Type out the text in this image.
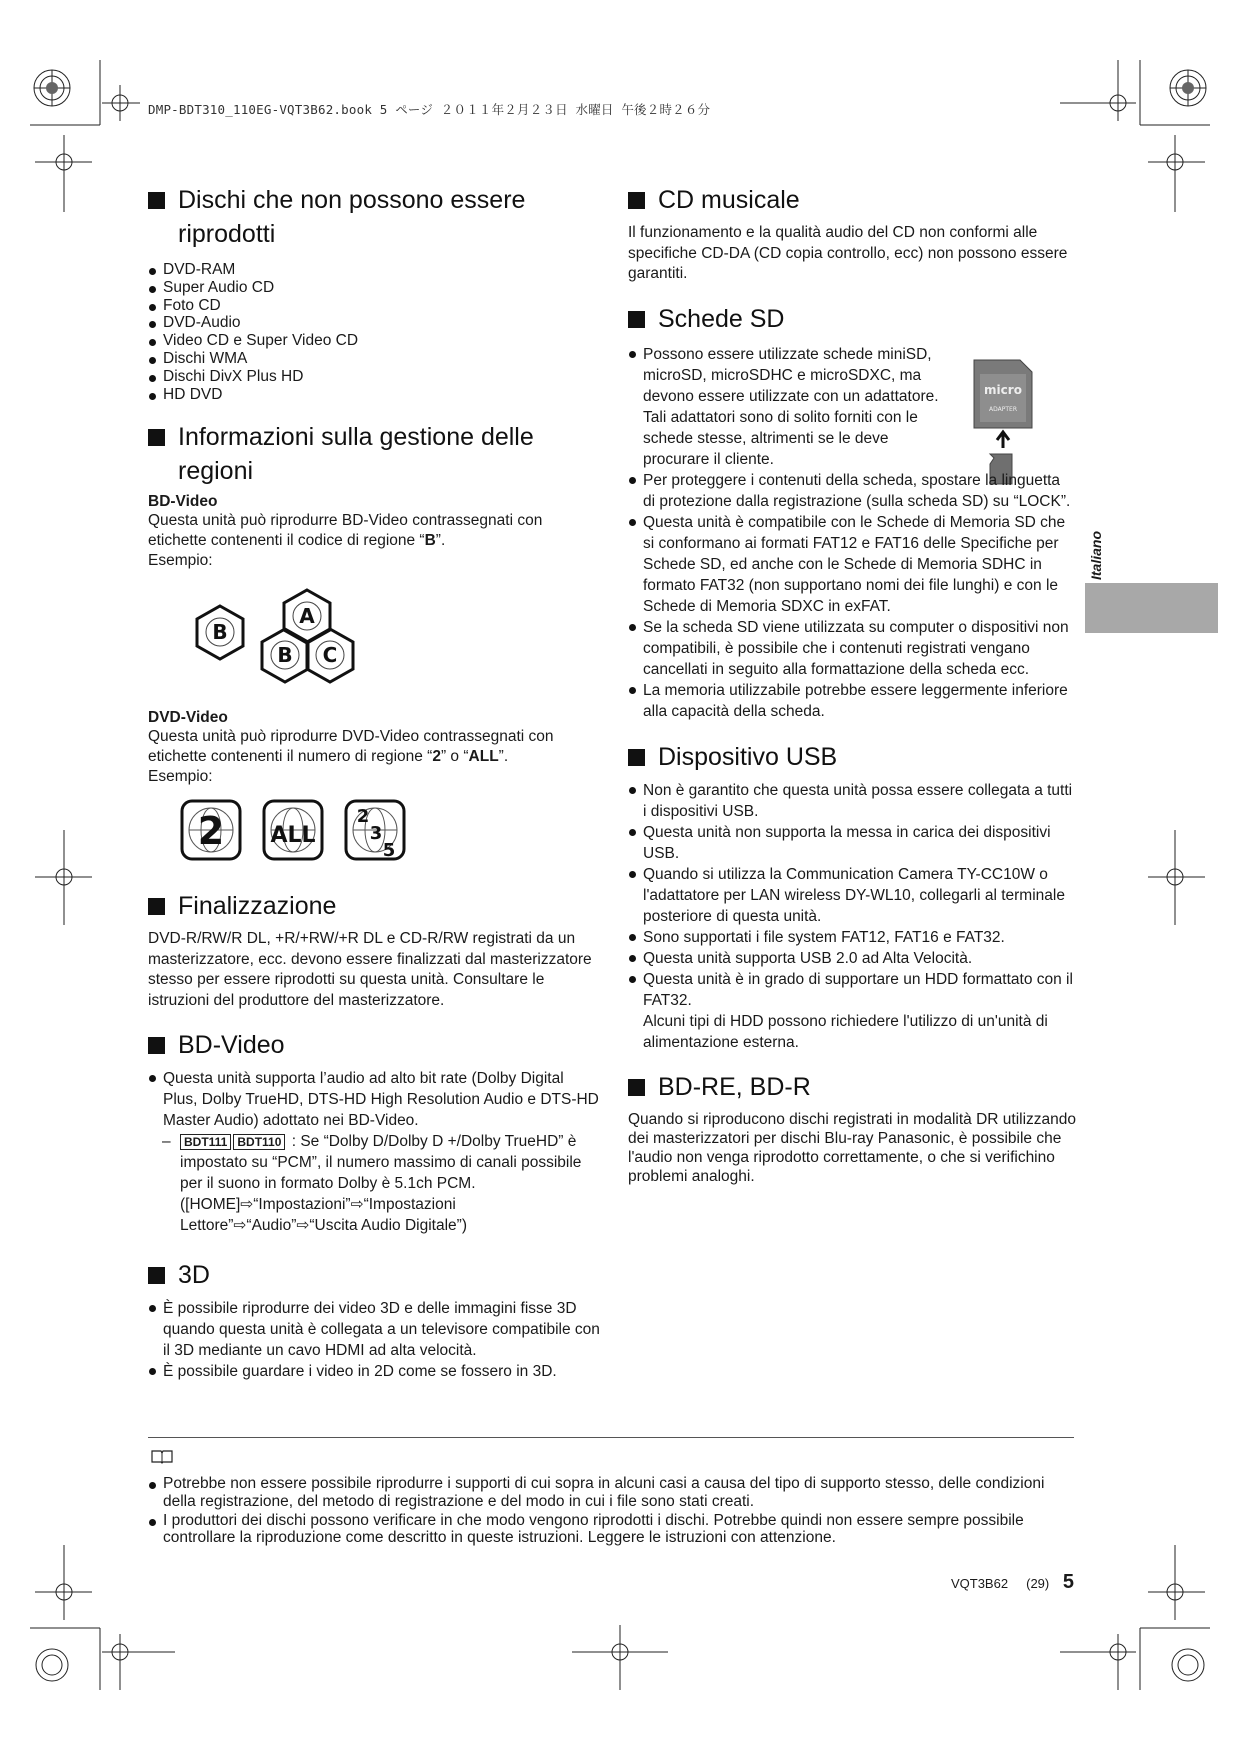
DMP-BDT310_110EG-VQT3B62.book 5 ページ ２０１１年２月２３日 水曜日 午後２時２６分
Italiano
Dischi che non possono essere
riprodotti
DVD-RAM
Super Audio CD
Foto CD
DVD-Audio
Video CD e Super Video CD
Dischi WMA
Dischi DivX Plus HD
HD DVD
Informazioni sulla gestione delle
regioni
BD-Video

Questa unità può riprodurre BD-Video contrassegnati con etichette contenenti il codice di regione “B”.
Esempio:

B
A
B C
DVD-Video

Questa unità può riprodurre DVD-Video contrassegnati con etichette contenenti il numero di regione “2” o “ALL”.
Esempio:

2 ALL
2
3
5
Finalizzazione

DVD-R/RW/R DL, +R/+RW/+R DL e CD-R/RW registrati da un masterizzatore, ecc. devono essere finalizzati dal masterizzatore stesso per essere riprodotti su questa unità. Consultare le istruzioni del produttore del masterizzatore.

BD-Video
Questa unità supporta l’audio ad alto bit rate (Dolby Digital Plus, Dolby TrueHD, DTS-HD High Resolution Audio e DTS-HD Master Audio) adottato nei BD-Video.
– BDT111 BDT110 : Se “Dolby D/Dolby D +/Dolby TrueHD” è impostato su “PCM”, il numero massimo di canali possibile per il suono in formato Dolby è 5.1ch PCM. ([HOME]⇨“Impostazioni”⇨“Impostazioni Lettore”⇨“Audio”⇨“Uscita Audio Digitale”)
3D
È possibile riprodurre dei video 3D e delle immagini fisse 3D quando questa unità è collegata a un televisore compatibile con il 3D mediante un cavo HDMI ad alta velocità.
È possibile guardare i video in 2D come se fossero in 3D.
CD musicale

Il funzionamento e la qualità audio del CD non conformi alle specifiche CD-DA (CD copia controllo, ecc) non possono essere garantiti.

Schede SD
micro
ADAPTER
Possono essere utilizzate schede miniSD,
microSD, microSDHC e microSDXC, ma
devono essere utilizzate con un adattatore.
Tali adattatori sono di solito forniti con le
schede stesse, altrimenti se le deve
procurare il cliente.
Per proteggere i contenuti della scheda, spostare la linguetta di protezione dalla registrazione (sulla scheda SD) su “LOCK”.
Questa unità è compatibile con le Schede di Memoria SD che si conformano ai formati FAT12 e FAT16 delle Specifiche per Schede SD, ed anche con le Schede di Memoria SDHC in formato FAT32 (non supportano nomi dei file lunghi) e con le Schede di Memoria SDXC in exFAT.
Se la scheda SD viene utilizzata su computer o dispositivi non compatibili, è possibile che i contenuti registrati vengano cancellati in seguito alla formattazione della scheda ecc.
La memoria utilizzabile potrebbe essere leggermente inferiore alla capacità della scheda.
Dispositivo USB
Non è garantito che questa unità possa essere collegata a tutti i dispositivi USB.
Questa unità non supporta la messa in carica dei dispositivi USB.
Quando si utilizza la Communication Camera TY-CC10W o l'adattatore per LAN wireless DY-WL10, collegarli al terminale posteriore di questa unità.
Sono supportati i file system FAT12, FAT16 e FAT32.
Questa unità supporta USB 2.0 ad Alta Velocità.
Questa unità è in grado di supportare un HDD formattato con il FAT32.
Alcuni tipi di HDD possono richiedere l'utilizzo di un'unità di alimentazione esterna.
BD-RE, BD-R

Quando si riproducono dischi registrati in modalità DR utilizzando dei masterizzatori per dischi Blu-ray Panasonic, è possibile che l'audio non venga riprodotto correttamente, o che si verifichino problemi analoghi.

Potrebbe non essere possibile riprodurre i supporti di cui sopra in alcuni casi a causa del tipo di supporto stesso, delle condizioni della registrazione, del metodo di registrazione e del modo in cui i file sono stati creati.
I produttori dei dischi possono verificare in che modo vengono riprodotti i dischi. Potrebbe quindi non essere sempre possibile controllare la riproduzione come descritto in queste istruzioni. Leggere le istruzioni con attenzione.
VQT3B62 (29) 5
